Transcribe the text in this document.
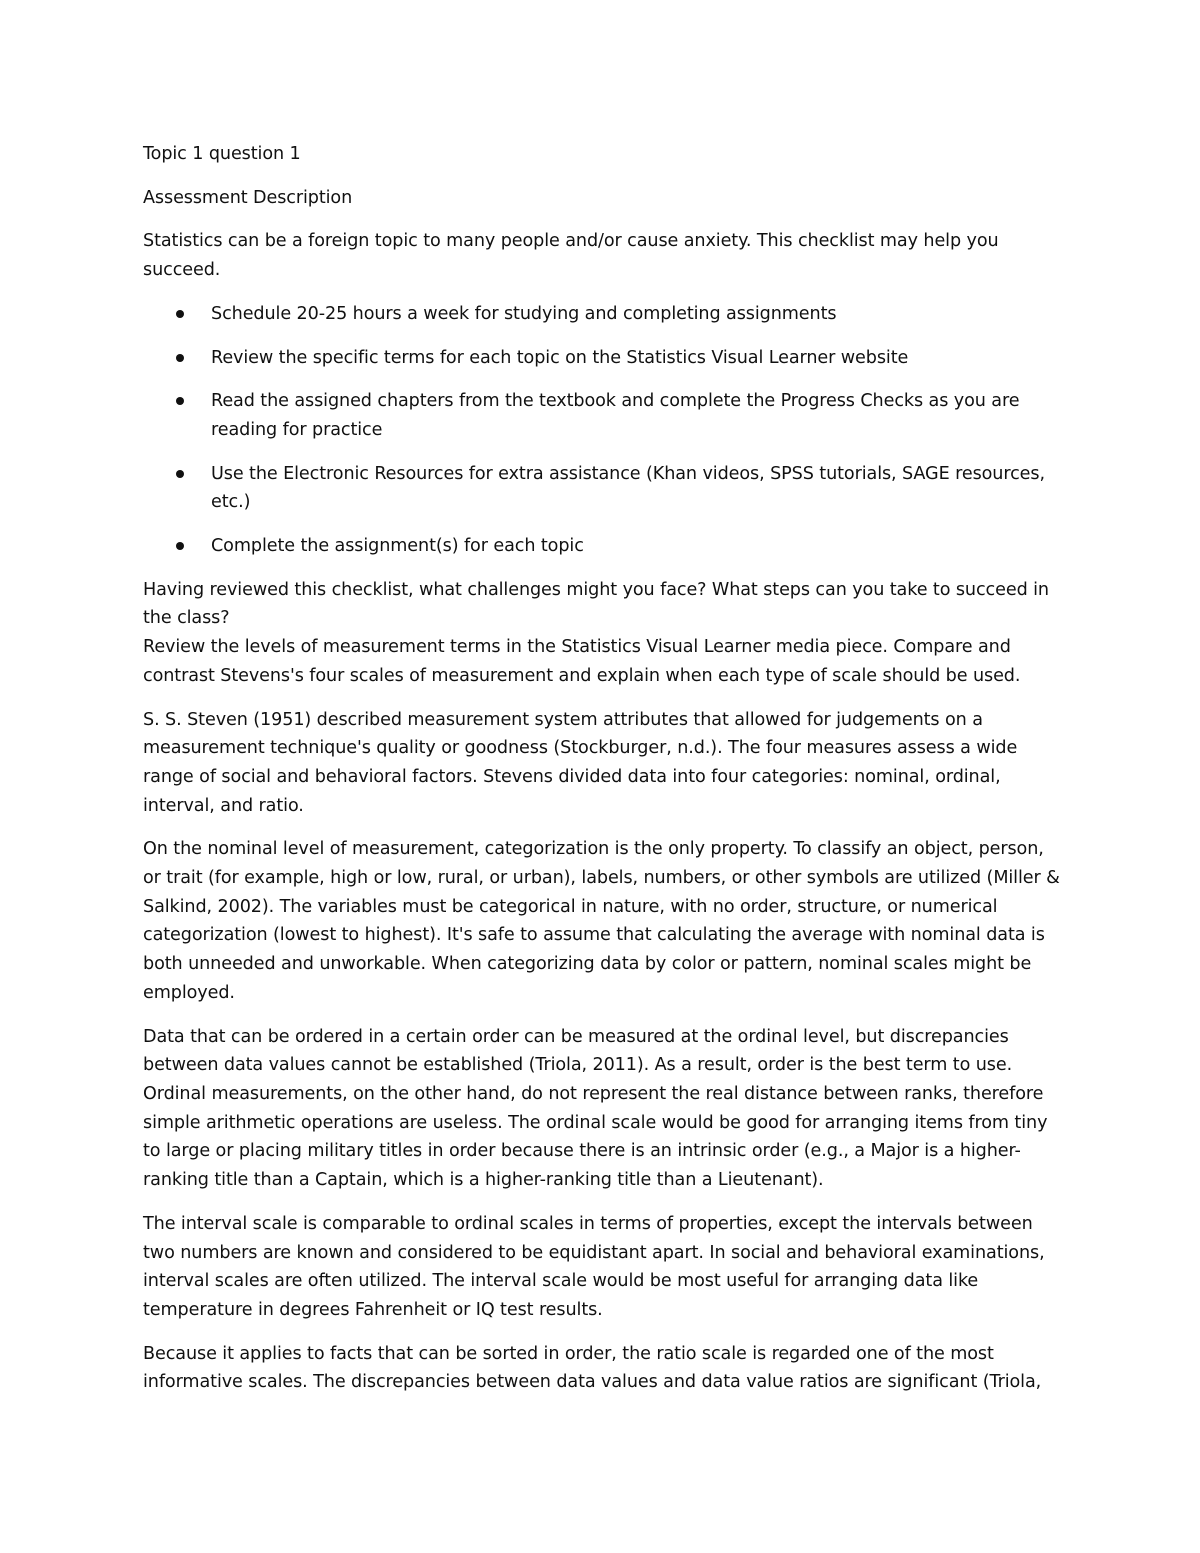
Topic 1 question 1

Assessment Description

Statistics can be a foreign topic to many people and/or cause anxiety. This checklist may help you succeed.

Schedule 20-25 hours a week for studying and completing assignments
Review the specific terms for each topic on the Statistics Visual Learner website
Read the assigned chapters from the textbook and complete the Progress Checks as you are reading for practice
Use the Electronic Resources for extra assistance (Khan videos, SPSS tutorials, SAGE resources, etc.)
Complete the assignment(s) for each topic

Having reviewed this checklist, what challenges might you face? What steps can you take to succeed in the class?

Review the levels of measurement terms in the Statistics Visual Learner media piece. Compare and contrast Stevens's four scales of measurement and explain when each type of scale should be used.

S. S. Steven (1951) described measurement system attributes that allowed for judgements on a measurement technique's quality or goodness (Stockburger, n.d.). The four measures assess a wide range of social and behavioral factors. Stevens divided data into four categories: nominal, ordinal, interval, and ratio.

On the nominal level of measurement, categorization is the only property. To classify an object, person, or trait (for example, high or low, rural, or urban), labels, numbers, or other symbols are utilized (Miller & Salkind, 2002). The variables must be categorical in nature, with no order, structure, or numerical categorization (lowest to highest). It's safe to assume that calculating the average with nominal data is both unneeded and unworkable. When categorizing data by color or pattern, nominal scales might be employed.

Data that can be ordered in a certain order can be measured at the ordinal level, but discrepancies between data values cannot be established (Triola, 2011). As a result, order is the best term to use. Ordinal measurements, on the other hand, do not represent the real distance between ranks, therefore simple arithmetic operations are useless. The ordinal scale would be good for arranging items from tiny to large or placing military titles in order because there is an intrinsic order (e.g., a Major is a higher-ranking title than a Captain, which is a higher-ranking title than a Lieutenant).

The interval scale is comparable to ordinal scales in terms of properties, except the intervals between two numbers are known and considered to be equidistant apart. In social and behavioral examinations, interval scales are often utilized. The interval scale would be most useful for arranging data like temperature in degrees Fahrenheit or IQ test results.

Because it applies to facts that can be sorted in order, the ratio scale is regarded one of the most informative scales. The discrepancies between data values and data value ratios are significant (Triola,
